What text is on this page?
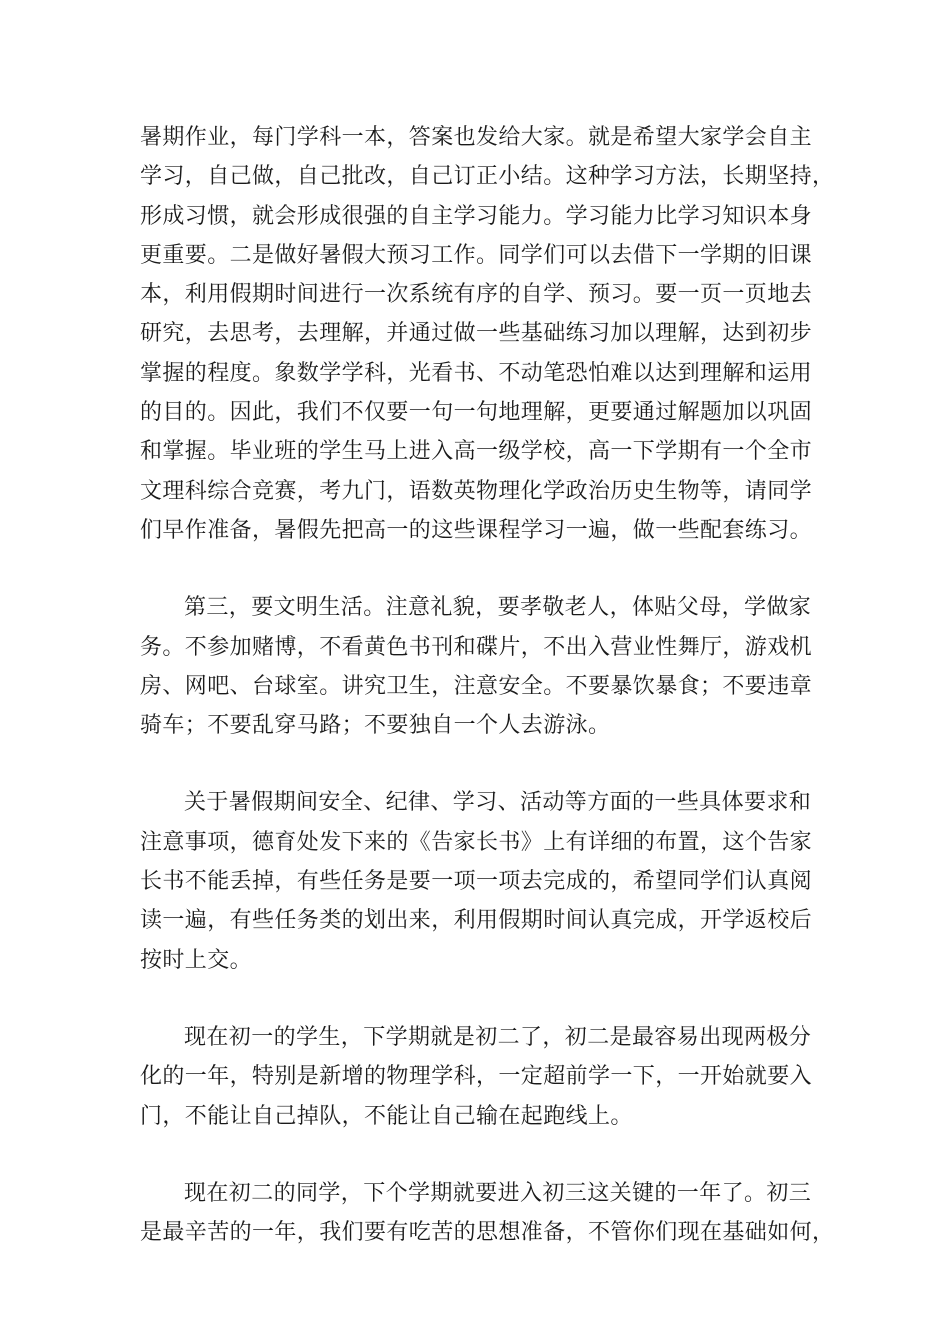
暑期作业，每门学科一本，答案也发给大家。就是希望大家学会自主
学习，自己做，自己批改，自己订正小结。这种学习方法，长期坚持，
形成习惯，就会形成很强的自主学习能力。学习能力比学习知识本身
更重要。二是做好暑假大预习工作。同学们可以去借下一学期的旧课
本，利用假期时间进行一次系统有序的自学、预习。要一页一页地去
研究，去思考，去理解，并通过做一些基础练习加以理解，达到初步
掌握的程度。象数学学科，光看书、不动笔恐怕难以达到理解和运用
的目的。因此，我们不仅要一句一句地理解，更要通过解题加以巩固
和掌握。毕业班的学生马上进入高一级学校，高一下学期有一个全市
文理科综合竞赛，考九门，语数英物理化学政治历史生物等，请同学
们早作准备，暑假先把高一的这些课程学习一遍，做一些配套练习。
第三，要文明生活。注意礼貌，要孝敬老人，体贴父母，学做家
务。不参加赌博，不看黄色书刊和碟片，不出入营业性舞厅，游戏机
房、网吧、台球室。讲究卫生，注意安全。不要暴饮暴食；不要违章
骑车；不要乱穿马路；不要独自一个人去游泳。
关于暑假期间安全、纪律、学习、活动等方面的一些具体要求和
注意事项，德育处发下来的《告家长书》上有详细的布置，这个告家
长书不能丢掉，有些任务是要一项一项去完成的，希望同学们认真阅
读一遍，有些任务类的划出来，利用假期时间认真完成，开学返校后
按时上交。
现在初一的学生，下学期就是初二了，初二是最容易出现两极分
化的一年，特别是新增的物理学科，一定超前学一下，一开始就要入
门，不能让自己掉队，不能让自己输在起跑线上。
现在初二的同学，下个学期就要进入初三这关键的一年了。初三
是最辛苦的一年，我们要有吃苦的思想准备，不管你们现在基础如何，
